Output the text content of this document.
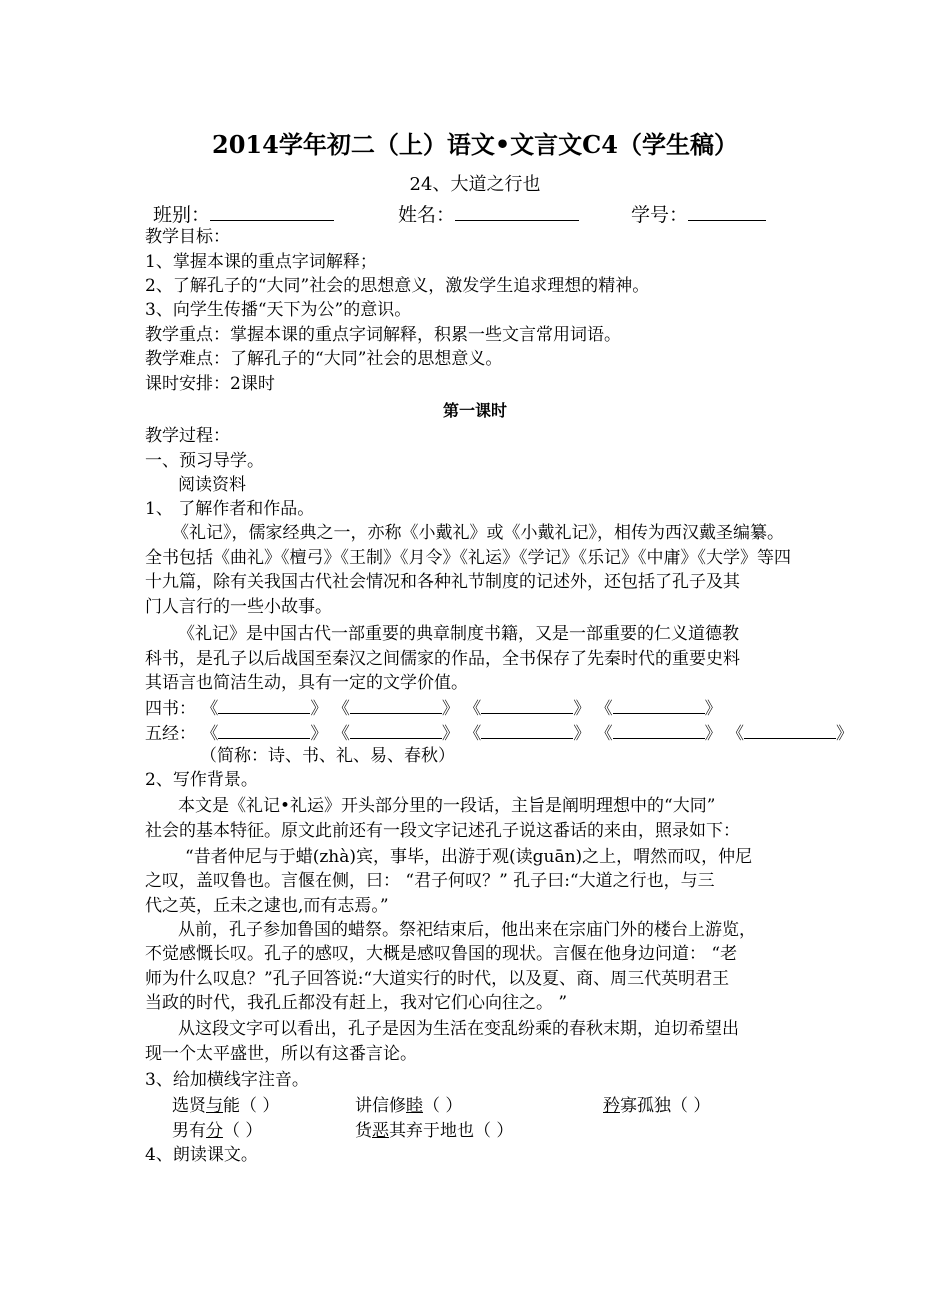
2014学年初二（上）语文•文言文C4（学生稿）
24、大道之行也
班别：	姓名：	学号：
教学目标：
1、掌握本课的重点字词解释；
2、了解孔子的“大同”社会的思想意义，激发学生追求理想的精神。
3、向学生传播“天下为公”的意识。
教学重点：掌握本课的重点字词解释，积累一些文言常用词语。
教学难点：了解孔子的“大同”社会的思想意义。
课时安排：2课时
第一课时
教学过程：
一、预习导学。
阅读资料
1、 了解作者和作品。
《礼记》，儒家经典之一，亦称《小戴礼》或《小戴礼记》，相传为西汉戴圣编纂。
全书包括《曲礼》《檀弓》《王制》《月令》《礼运》《学记》《乐记》《中庸》《大学》等四
十九篇，除有关我国古代社会情况和各种礼节制度的记述外，还包括了孔子及其
门人言行的一些小故事。
《礼记》是中国古代一部重要的典章制度书籍，又是一部重要的仁义道德教
科书，是孔子以后战国至秦汉之间儒家的作品，全书保存了先秦时代的重要史料
其语言也简洁生动，具有一定的文学价值。
四书： 《	》 《	》 《	》 《	》
五经： 《	》 《	》 《	》 《	》 《	》
（简称：诗、书、礼、易、春秋）
2、写作背景。
本文是《礼记•礼运》开头部分里的一段话，主旨是阐明理想中的“大同”
社会的基本特征。原文此前还有一段文字记述孔子说这番话的来由，照录如下：
“昔者仲尼与于蜡(zhà)宾，事毕，出游于观(读guān)之上，喟然而叹，仲尼
之叹，盖叹鲁也。言偃在侧，曰： “君子何叹？” 孔子曰:“大道之行也，与三
代之英，丘未之逮也,而有志焉。”
从前，孔子参加鲁国的蜡祭。祭祀结束后，他出来在宗庙门外的楼台上游览，
不觉感慨长叹。孔子的感叹，大概是感叹鲁国的现状。言偃在他身边问道： “老
师为什么叹息？”孔子回答说:“大道实行的时代，以及夏、商、周三代英明君王
当政的时代，我孔丘都没有赶上，我对它们心向往之。 ”
从这段文字可以看出，孔子是因为生活在变乱纷乘的春秋末期，迫切希望出
现一个太平盛世，所以有这番言论。
3、给加横线字注音。
选贤与能（ ）	讲信修睦（ ）	矜寡孤独（ ）
男有分（ ）	货恶其弃于地也（ ）
4、朗读课文。
